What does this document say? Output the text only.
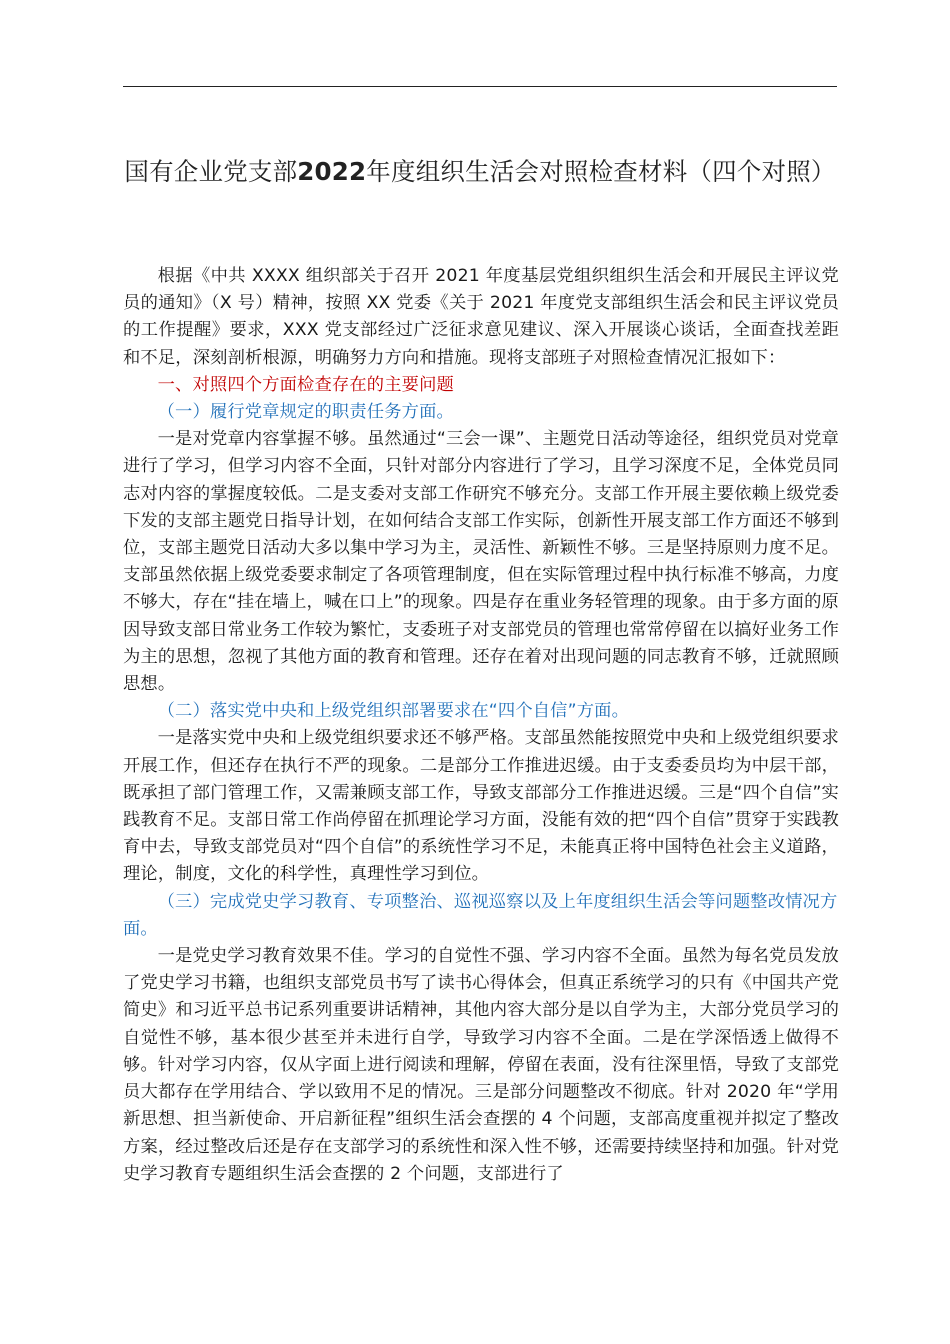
国有企业党支部2022年度组织生活会对照检查材料（四个对照）

根据《中共 XXXX 组织部关于召开 2021 年度基层党组织组织生活会和开展民主评议党员的通知》（X 号）精神，按照 XX 党委《关于 2021 年度党支部组织生活会和民主评议党员的工作提醒》要求，XXX 党支部经过广泛征求意见建议、深入开展谈心谈话，全面查找差距和不足，深刻剖析根源，明确努力方向和措施。现将支部班子对照检查情况汇报如下：

一、对照四个方面检查存在的主要问题

（一）履行党章规定的职责任务方面。

一是对党章内容掌握不够。虽然通过“三会一课”、主题党日活动等途径，组织党员对党章进行了学习，但学习内容不全面，只针对部分内容进行了学习，且学习深度不足，全体党员同志对内容的掌握度较低。二是支委对支部工作研究不够充分。支部工作开展主要依赖上级党委下发的支部主题党日指导计划，在如何结合支部工作实际，创新性开展支部工作方面还不够到位，支部主题党日活动大多以集中学习为主，灵活性、新颖性不够。三是坚持原则力度不足。支部虽然依据上级党委要求制定了各项管理制度，但在实际管理过程中执行标准不够高，力度不够大，存在“挂在墙上，喊在口上”的现象。四是存在重业务轻管理的现象。由于多方面的原因导致支部日常业务工作较为繁忙，支委班子对支部党员的管理也常常停留在以搞好业务工作为主的思想，忽视了其他方面的教育和管理。还存在着对出现问题的同志教育不够，迁就照顾思想。

（二）落实党中央和上级党组织部署要求在“四个自信”方面。

一是落实党中央和上级党组织要求还不够严格。支部虽然能按照党中央和上级党组织要求开展工作，但还存在执行不严的现象。二是部分工作推进迟缓。由于支委委员均为中层干部，既承担了部门管理工作，又需兼顾支部工作，导致支部部分工作推进迟缓。三是“四个自信”实践教育不足。支部日常工作尚停留在抓理论学习方面，没能有效的把“四个自信”贯穿于实践教育中去，导致支部党员对“四个自信”的系统性学习不足，未能真正将中国特色社会主义道路，理论，制度，文化的科学性，真理性学习到位。

（三）完成党史学习教育、专项整治、巡视巡察以及上年度组织生活会等问题整改情况方面。

一是党史学习教育效果不佳。学习的自觉性不强、学习内容不全面。虽然为每名党员发放了党史学习书籍，也组织支部党员书写了读书心得体会，但真正系统学习的只有《中国共产党简史》和习近平总书记系列重要讲话精神，其他内容大部分是以自学为主，大部分党员学习的自觉性不够，基本很少甚至并未进行自学，导致学习内容不全面。二是在学深悟透上做得不够。针对学习内容，仅从字面上进行阅读和理解，停留在表面，没有往深里悟，导致了支部党员大都存在学用结合、学以致用不足的情况。三是部分问题整改不彻底。针对 2020 年“学用新思想、担当新使命、开启新征程”组织生活会查摆的 4 个问题，支部高度重视并拟定了整改方案，经过整改后还是存在支部学习的系统性和深入性不够，还需要持续坚持和加强。针对党史学习教育专题组织生活会查摆的 2 个问题，支部进行了
